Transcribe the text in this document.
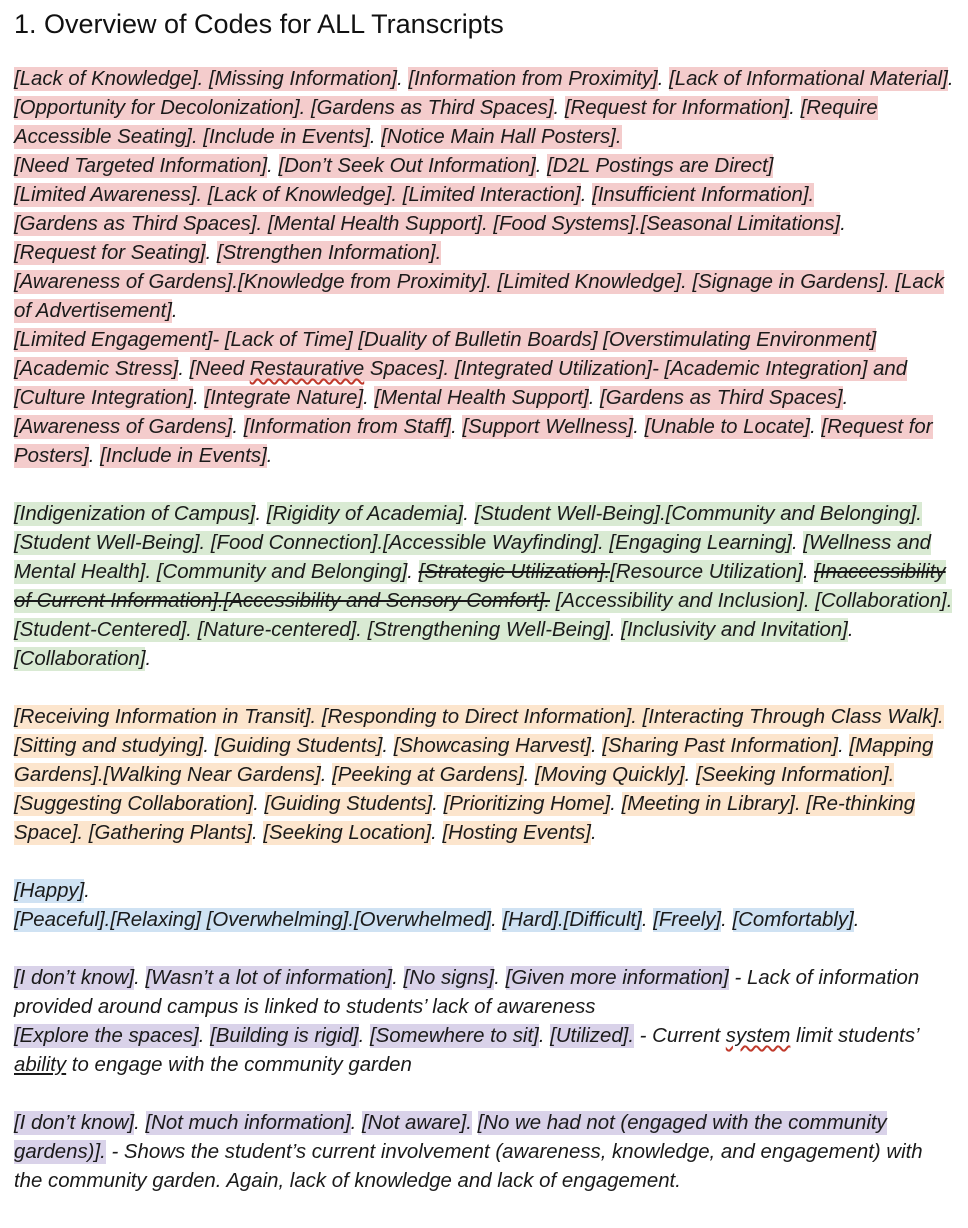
1. Overview of Codes for ALL Transcripts
[Lack of Knowledge]. [Missing Information]. [Information from Proximity]. [Lack of Informational Material]. [Opportunity for Decolonization]. [Gardens as Third Spaces]. [Request for Information]. [Require Accessible Seating]. [Include in Events]. [Notice Main Hall Posters].
[Need Targeted Information]. [Don’t Seek Out Information]. [D2L Postings are Direct]
[Limited Awareness]. [Lack of Knowledge]. [Limited Interaction]. [Insufficient Information].
[Gardens as Third Spaces]. [Mental Health Support]. [Food Systems].[Seasonal Limitations].
[Request for Seating]. [Strengthen Information].
[Awareness of Gardens].[Knowledge from Proximity]. [Limited Knowledge]. [Signage in Gardens]. [Lack of Advertisement].
[Limited Engagement]- [Lack of Time] [Duality of Bulletin Boards] [Overstimulating Environment] [Academic Stress]. [Need Restaurative Spaces]. [Integrated Utilization]- [Academic Integration] and [Culture Integration]. [Integrate Nature]. [Mental Health Support]. [Gardens as Third Spaces]. [Awareness of Gardens]. [Information from Staff]. [Support Wellness]. [Unable to Locate]. [Request for Posters]. [Include in Events].
[Indigenization of Campus]. [Rigidity of Academia]. [Student Well-Being].[Community and Belonging]. [Student Well-Being]. [Food Connection].[Accessible Wayfinding]. [Engaging Learning]. [Wellness and Mental Health]. [Community and Belonging]. [Strategic Utilization].[Resource Utilization]. [Inaccessibility of Current Information].[Accessibility and Sensory Comfort]. [Accessibility and Inclusion]. [Collaboration]. [Student-Centered]. [Nature-centered]. [Strengthening Well-Being]. [Inclusivity and Invitation]. [Collaboration].
[Receiving Information in Transit]. [Responding to Direct Information]. [Interacting Through Class Walk]. [Sitting and studying]. [Guiding Students]. [Showcasing Harvest]. [Sharing Past Information]. [Mapping Gardens].[Walking Near Gardens]. [Peeking at Gardens]. [Moving Quickly]. [Seeking Information]. [Suggesting Collaboration]. [Guiding Students]. [Prioritizing Home]. [Meeting in Library]. [Re-thinking Space]. [Gathering Plants]. [Seeking Location]. [Hosting Events].
[Happy].
[Peaceful].[Relaxing] [Overwhelming].[Overwhelmed]. [Hard].[Difficult]. [Freely]. [Comfortably].
[I don’t know]. [Wasn’t a lot of information]. [No signs]. [Given more information] - Lack of information provided around campus is linked to students’ lack of awareness
[Explore the spaces]. [Building is rigid]. [Somewhere to sit]. [Utilized]. - Current system limit students’ ability to engage with the community garden
[I don’t know]. [Not much information]. [Not aware]. [No we had not (engaged with the community gardens)]. - Shows the student’s current involvement (awareness, knowledge, and engagement) with the community garden. Again, lack of knowledge and lack of engagement.
